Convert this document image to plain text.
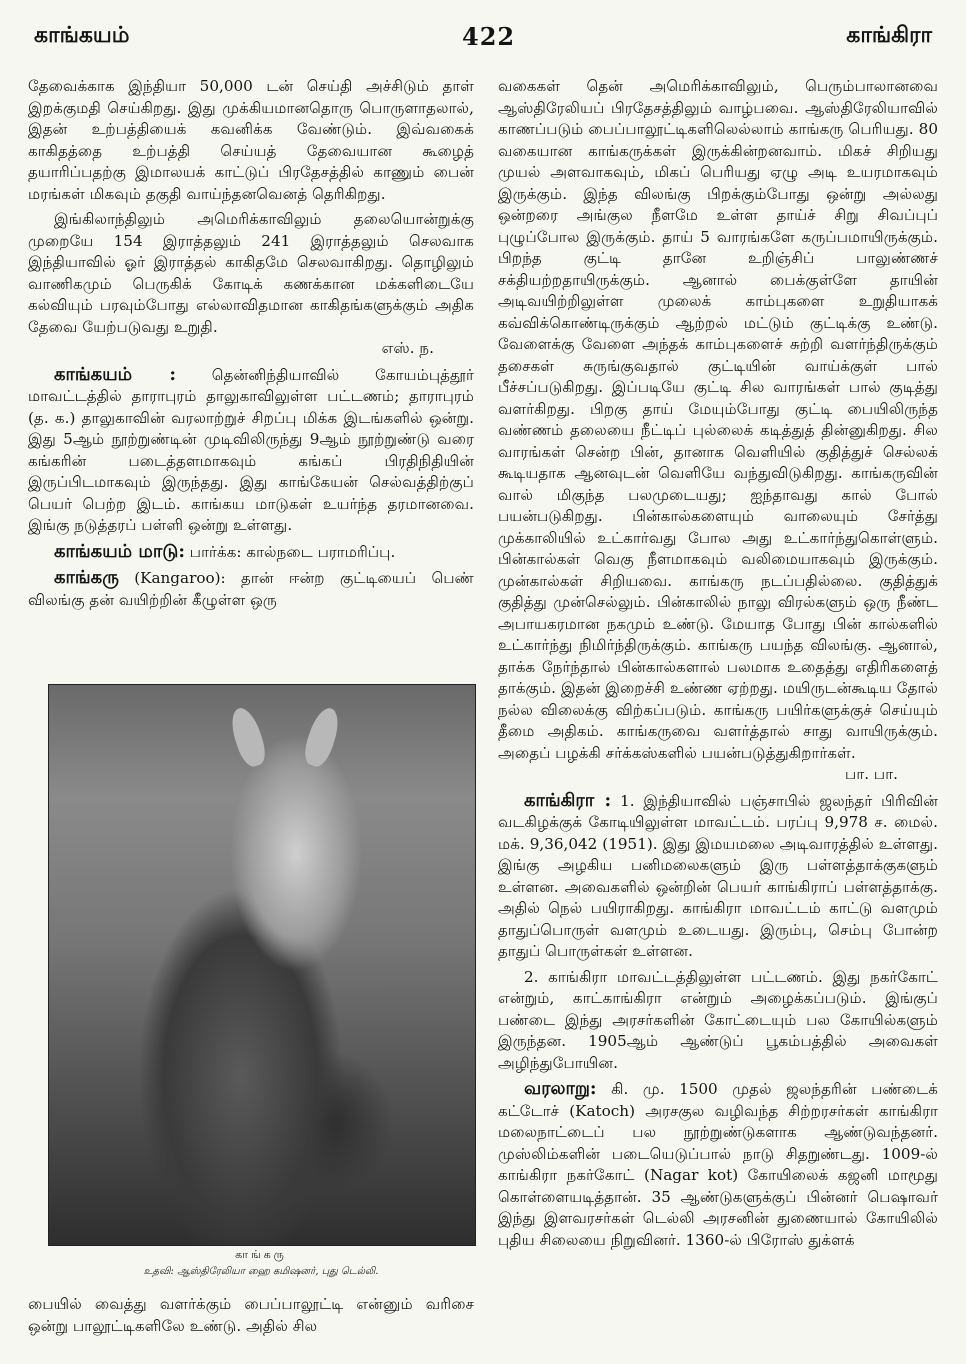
காங்கயம்	422	காங்கிரா

தேவைக்காக இந்தியா 50,000 டன் செய்தி அச்சிடும் தாள் இறக்குமதி செய்கிறது. இது முக்கியமானதொரு பொருளாதலால், இதன் உற்பத்தியைக் கவனிக்க வேண்டும். இவ்வகைக் காகிதத்தை உற்பத்தி செய்யத் தேவையான கூழைத் தயாரிப்பதற்கு இமாலயக் காட்டுப் பிரதேசத்தில் காணும் பைன் மரங்கள் மிகவும் தகுதி வாய்ந்தனவெனத் தெரிகிறது.

இங்கிலாந்திலும் அமெரிக்காவிலும் தலையொன்றுக்கு முறையே 154 இராத்தலும் 241 இராத்தலும் செலவாக இந்தியாவில் ஓர் இராத்தல் காகிதமே செலவாகிறது. தொழிலும் வாணிகமும் பெருகிக் கோடிக் கணக்கான மக்களிடையே கல்வியும் பரவும்போது எல்லாவிதமான காகிதங்களுக்கும் அதிக தேவை யேற்படுவது உறுதி.
எஸ். ந.

காங்கயம் : தென்னிந்தியாவில் கோயம்புத்தூர் மாவட்டத்தில் தாராபுரம் தாலுகாவிலுள்ள பட்டணம்; தாராபுரம் (த. க.) தாலுகாவின் வரலாற்றுச் சிறப்பு மிக்க இடங்களில் ஒன்று. இது 5ஆம் நூற்றுண்டின் முடிவிலிருந்து 9ஆம் நூற்றுண்டு வரை கங்கரின் படைத்தளமாகவும் கங்கப் பிரதிநிதியின் இருப்பிடமாகவும் இருந்தது. இது காங்கேயன் செல்வத்திற்குப் பெயர் பெற்ற இடம். காங்கய மாடுகள் உயர்ந்த தரமானவை. இங்கு நடுத்தரப் பள்ளி ஒன்று உள்ளது.

காங்கயம் மாடு: பார்க்க: கால்நடை பராமரிப்பு.

காங்கரு (Kangaroo): தான் ஈன்ற குட்டியைப் பெண் விலங்கு தன் வயிற்றின் கீழுள்ள ஒரு

காங்கரு
உதவி: ஆஸ்திரேலியா ஹை கமிஷனர், புது டெல்லி.

பையில் வைத்து வளர்க்கும் பைப்பாலூட்டி என்னும் வரிசை ஒன்று பாலூட்டிகளிலே உண்டு. அதில் சில

வகைகள் தென் அமெரிக்காவிலும், பெரும்பாலானவை ஆஸ்திரேலியப் பிரதேசத்திலும் வாழ்பவை. ஆஸ்திரேலியாவில் காணப்படும் பைப்பாலூட்டிகளிலெல்லாம் காங்கரு பெரியது. 80 வகையான காங்கருக்கள் இருக்கின்றனவாம். மிகச் சிறியது முயல் அளவாகவும், மிகப் பெரியது ஏழு அடி உயரமாகவும் இருக்கும். இந்த விலங்கு பிறக்கும்போது ஒன்று அல்லது ஒன்றரை அங்குல நீளமே உள்ள தாய்ச் சிறு சிவப்புப் புழுப்போல இருக்கும். தாய் 5 வாரங்களே கருப்பமாயிருக்கும். பிறந்த குட்டி தானே உறிஞ்சிப் பாலுண்ணச் சக்தியற்றதாயிருக்கும். ஆனால் பைக்குள்ளே தாயின் அடிவயிற்றிலுள்ள முலைக் காம்புகளை உறுதியாகக் கவ்விக்கொண்டிருக்கும் ஆற்றல் மட்டும் குட்டிக்கு உண்டு. வேளைக்கு வேளை அந்தக் காம்புகளைச் சுற்றி வளர்ந்திருக்கும் தசைகள் சுருங்குவதால் குட்டியின் வாய்க்குள் பால் பீச்சப்படுகிறது. இப்படியே குட்டி சில வாரங்கள் பால் குடித்து வளர்கிறது. பிறகு தாய் மேயும்போது குட்டி பையிலிருந்த வண்ணம் தலையை நீட்டிப் புல்லைக் கடித்துத் தின்னுகிறது. சில வாரங்கள் சென்ற பின், தானாக வெளியில் குதித்துச் செல்லக் கூடியதாக ஆனவுடன் வெளியே வந்துவிடுகிறது. காங்கருவின் வால் மிகுந்த பலமுடையது; ஐந்தாவது கால் போல் பயன்படுகிறது. பின்கால்களையும் வாலையும் சேர்த்து முக்காலியில் உட்கார்வது போல அது உட்கார்ந்துகொள்ளும். பின்கால்கள் வெகு நீளமாகவும் வலிமையாகவும் இருக்கும். முன்கால்கள் சிறியவை. காங்கரு நடப்பதில்லை. குதித்துக் குதித்து முன்செல்லும். பின்காலில் நாலு விரல்களும் ஒரு நீண்ட அபாயகரமான நகமும் உண்டு. மேயாத போது பின் கால்களில் உட்கார்ந்து நிமிர்ந்திருக்கும். காங்கரு பயந்த விலங்கு. ஆனால், தாக்க நேர்ந்தால் பின்கால்களால் பலமாக உதைத்து எதிரிகளைத் தாக்கும். இதன் இறைச்சி உண்ண ஏற்றது. மயிருடன்கூடிய தோல் நல்ல விலைக்கு விற்கப்படும். காங்கரு பயிர்களுக்குச் செய்யும் தீமை அதிகம். காங்கருவை வளர்த்தால் சாது வாயிருக்கும். அதைப் பழக்கி சர்க்கஸ்களில் பயன்படுத்துகிறார்கள்.
பா. பா.

காங்கிரா : 1. இந்தியாவில் பஞ்சாபில் ஜலந்தர் பிரிவின் வடகிழக்குக் கோடியிலுள்ள மாவட்டம். பரப்பு 9,978 ச. மைல். மக். 9,36,042 (1951). இது இமயமலை அடிவாரத்தில் உள்ளது. இங்கு அழகிய பனிமலைகளும் இரு பள்ளத்தாக்குகளும் உள்ளன. அவைகளில் ஒன்றின் பெயர் காங்கிராப் பள்ளத்தாக்கு. அதில் நெல் பயிராகிறது. காங்கிரா மாவட்டம் காட்டு வளமும் தாதுப்பொருள் வளமும் உடையது. இரும்பு, செம்பு போன்ற தாதுப் பொருள்கள் உள்ளன.

2. காங்கிரா மாவட்டத்திலுள்ள பட்டணம். இது நகர்கோட் என்றும், காட்காங்கிரா என்றும் அழைக்கப்படும். இங்குப் பண்டை இந்து அரசர்களின் கோட்டையும் பல கோயில்களும் இருந்தன. 1905ஆம் ஆண்டுப் பூகம்பத்தில் அவைகள் அழிந்துபோயின.

வரலாறு: கி. மு. 1500 முதல் ஜலந்தரின் பண்டைக் கட்டோச் (Katoch) அரசகுல வழிவந்த சிற்றரசர்கள் காங்கிரா மலைநாட்டைப் பல நூற்றுண்டுகளாக ஆண்டுவந்தனர். முஸ்லிம்களின் படையெடுப்பால் நாடு சிதறுண்டது. 1009-ல் காங்கிரா நகர்கோட் (Nagar kot) கோயிலைக் கஜனி மாமூது கொள்ளையடித்தான். 35 ஆண்டுகளுக்குப் பின்னர் பெஷாவர் இந்து இளவரசர்கள் டெல்லி அரசனின் துணையால் கோயிலில் புதிய சிலையை நிறுவினர். 1360-ல் பிரோஸ் துக்ளக்
